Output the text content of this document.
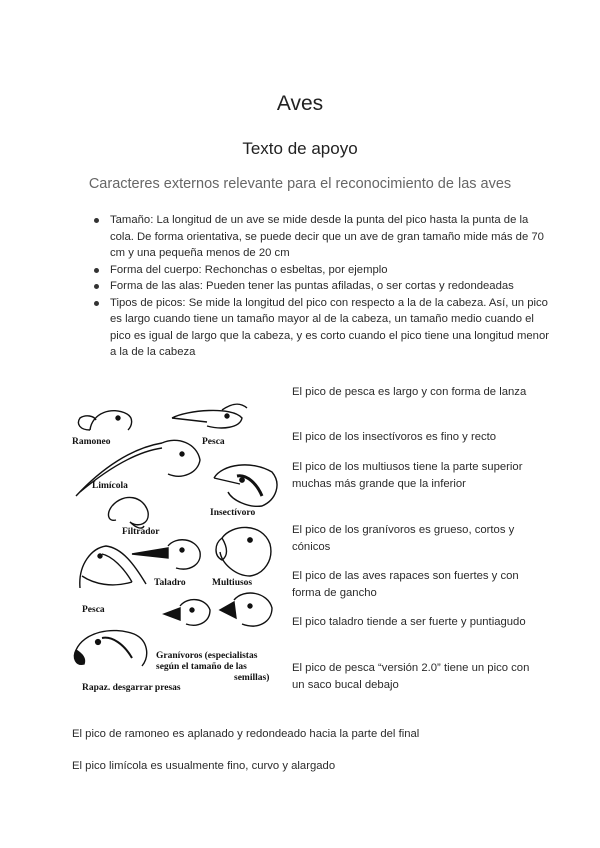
Aves
Texto de apoyo
Caracteres externos relevante para el reconocimiento de las aves
Tamaño: La longitud de un ave se mide desde la punta del pico hasta la punta de la cola. De forma orientativa, se puede decir que un ave de gran tamaño mide más de 70 cm y una pequeña menos de 20 cm
Forma del cuerpo: Rechonchas o esbeltas, por ejemplo
Forma de las alas: Pueden tener las puntas afiladas, o ser cortas y redondeadas
Tipos de picos: Se mide la longitud del pico con respecto a la de la cabeza. Así, un pico es largo cuando tiene un tamaño mayor al de la cabeza, un tamaño medio cuando el pico es igual de largo que la cabeza, y es corto cuando el pico tiene una longitud menor a la de la cabeza
Ramoneo	Pesca
Limícola
Insectívoro
Filtrador
Taladro	Multiusos
Pesca
Granívoros (especialistas
según el tamaño de las
semillas)
Rapaz. desgarrar presas

El pico de pesca es largo y con forma de lanza

El pico de los insectívoros es fino y recto

El pico de los multiusos tiene la parte superior muchas más grande que la inferior

El pico de los granívoros es grueso, cortos y cónicos

El pico de las aves rapaces son fuertes y con forma de gancho

El pico taladro tiende a ser fuerte y puntiagudo

El pico de pesca “versión 2.0” tiene un pico con un saco bucal debajo

El pico de ramoneo es aplanado y redondeado hacia la parte del final

El pico limícola es usualmente fino, curvo y alargado
